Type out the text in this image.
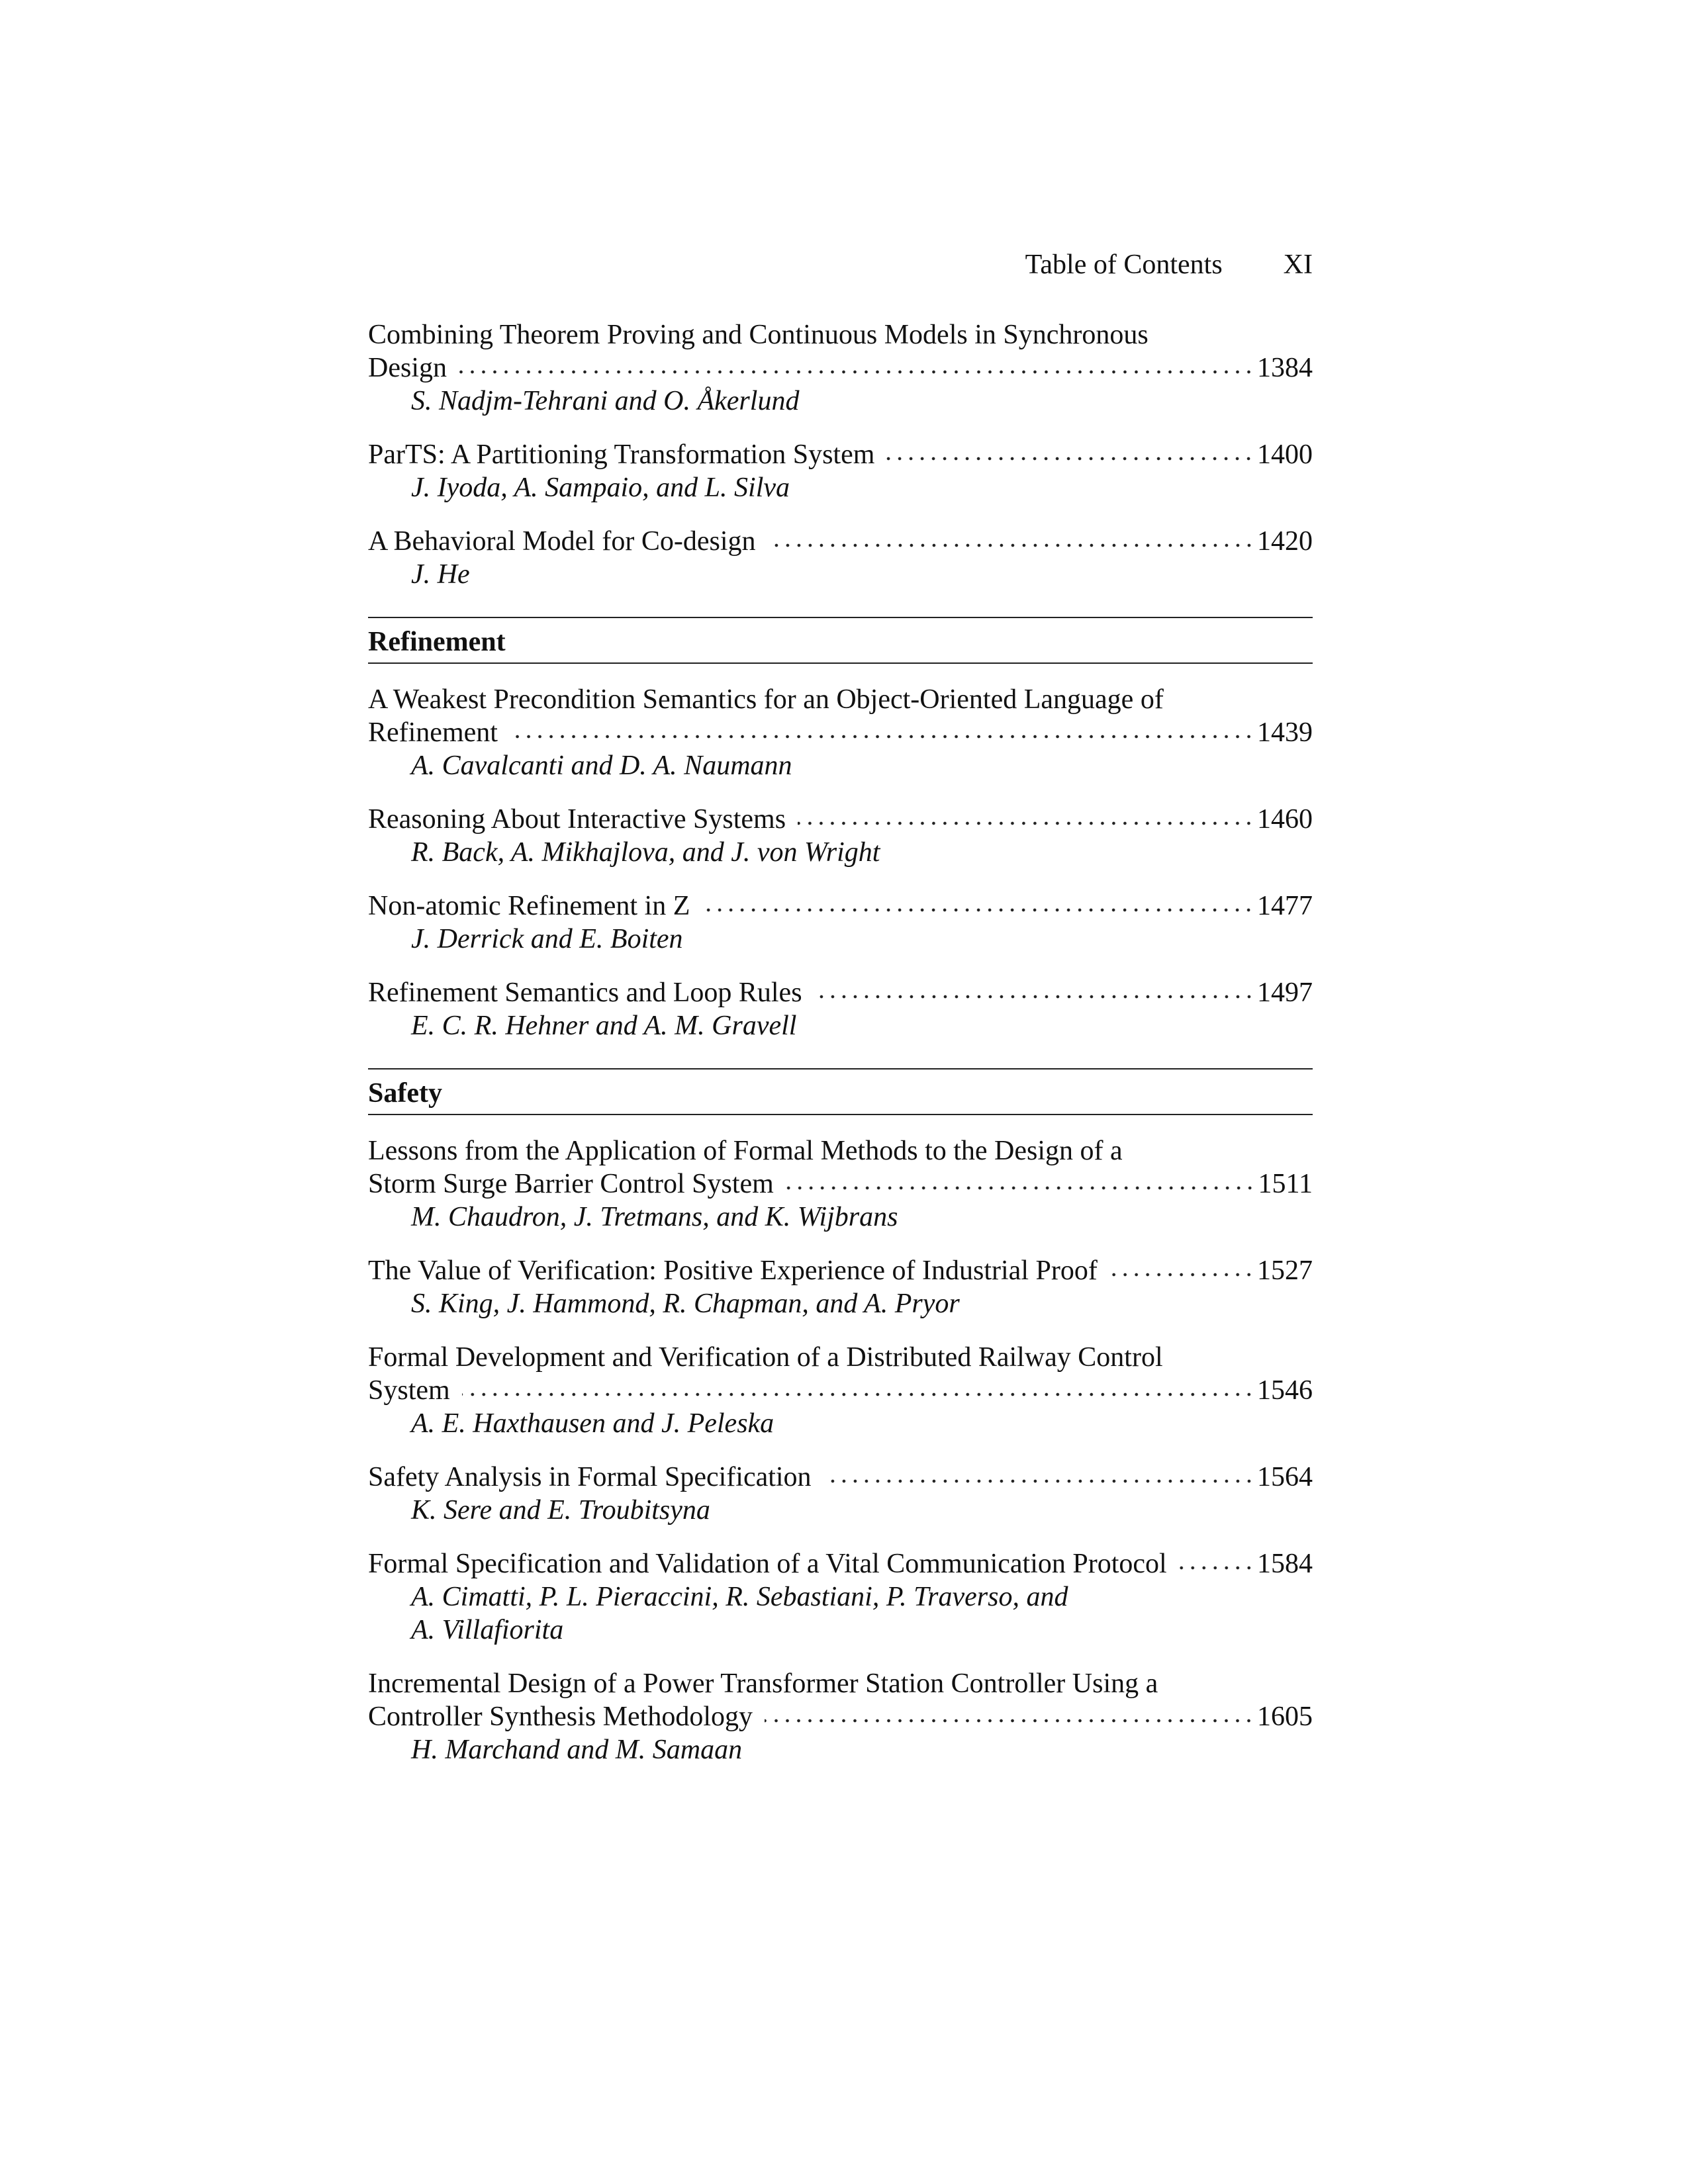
Table of Contents XI
Combining Theorem Proving and Continuous Models in Synchronous
Design	1384
S. Nadjm-Tehrani and O. Åkerlund
ParTS: A Partitioning Transformation System	1400
J. Iyoda, A. Sampaio, and L. Silva
A Behavioral Model for Co-design	1420
J. He
Refinement
A Weakest Precondition Semantics for an Object-Oriented Language of
Refinement	1439
A. Cavalcanti and D. A. Naumann
Reasoning About Interactive Systems	1460
R. Back, A. Mikhajlova, and J. von Wright
Non-atomic Refinement in Z	1477
J. Derrick and E. Boiten
Refinement Semantics and Loop Rules	1497
E. C. R. Hehner and A. M. Gravell
Safety
Lessons from the Application of Formal Methods to the Design of a
Storm Surge Barrier Control System	1511
M. Chaudron, J. Tretmans, and K. Wijbrans
The Value of Verification: Positive Experience of Industrial Proof	1527
S. King, J. Hammond, R. Chapman, and A. Pryor
Formal Development and Verification of a Distributed Railway Control
System	1546
A. E. Haxthausen and J. Peleska
Safety Analysis in Formal Specification	1564
K. Sere and E. Troubitsyna
Formal Specification and Validation of a Vital Communication Protocol	1584
A. Cimatti, P. L. Pieraccini, R. Sebastiani, P. Traverso, and
A. Villafiorita
Incremental Design of a Power Transformer Station Controller Using a
Controller Synthesis Methodology	1605
H. Marchand and M. Samaan
